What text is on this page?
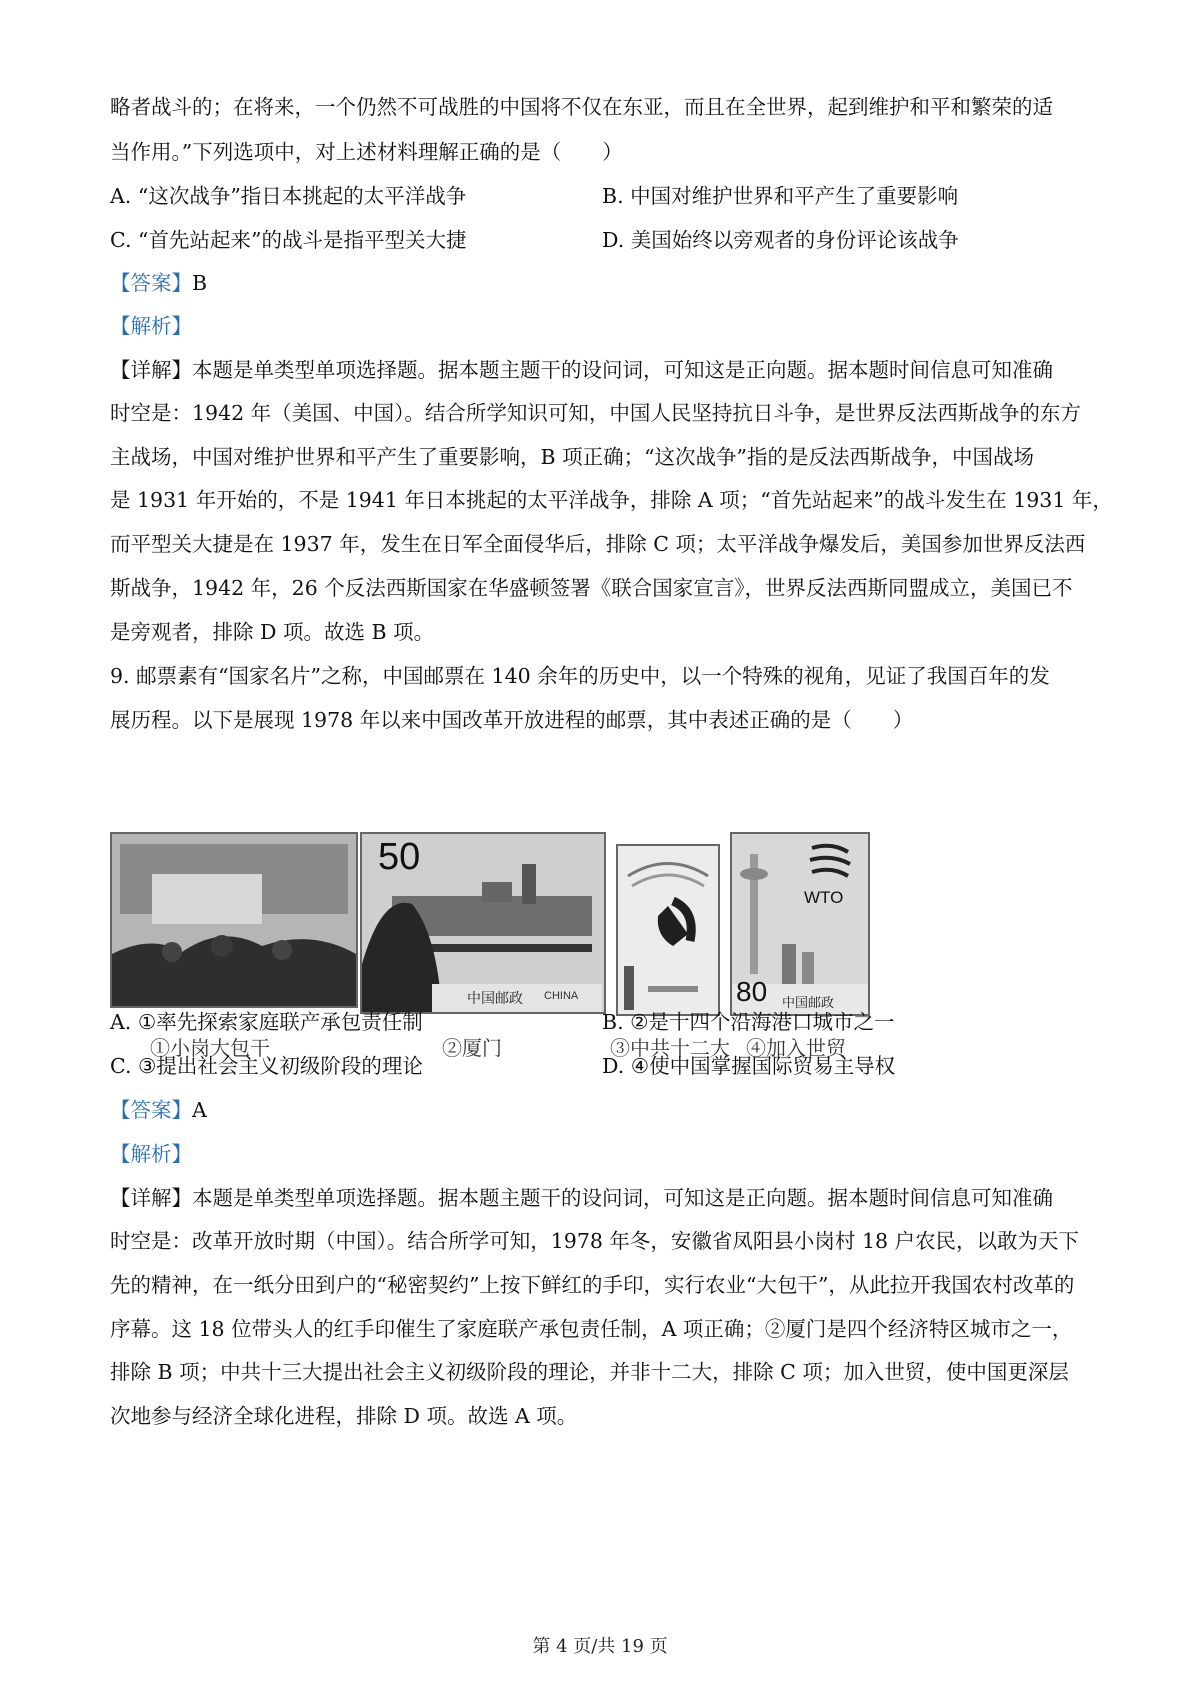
略者战斗的；在将来，一个仍然不可战胜的中国将不仅在东亚，而且在全世界，起到维护和平和繁荣的适
当作用。”下列选项中，对上述材料理解正确的是（　　）
A. “这次战争”指日本挑起的太平洋战争	B. 中国对维护世界和平产生了重要影响
C. “首先站起来”的战斗是指平型关大捷	D. 美国始终以旁观者的身份评论该战争
【答案】B
【解析】
【详解】本题是单类型单项选择题。据本题主题干的设问词，可知这是正向题。据本题时间信息可知准确
时空是：1942 年（美国、中国）。结合所学知识可知，中国人民坚持抗日斗争，是世界反法西斯战争的东方
主战场，中国对维护世界和平产生了重要影响，B 项正确；“这次战争”指的是反法西斯战争，中国战场
是 1931 年开始的，不是 1941 年日本挑起的太平洋战争，排除 A 项；“首先站起来”的战斗发生在 1931 年，
而平型关大捷是在 1937 年，发生在日军全面侵华后，排除 C 项；太平洋战争爆发后，美国参加世界反法西
斯战争，1942 年，26 个反法西斯国家在华盛顿签署《联合国家宣言》，世界反法西斯同盟成立，美国已不
是旁观者，排除 D 项。故选 B 项。
9. 邮票素有“国家名片”之称，中国邮票在 140 余年的历史中，以一个特殊的视角，见证了我国百年的发
展历程。以下是展现 1978 年以来中国改革开放进程的邮票，其中表述正确的是（　　）
50
中国邮政 CHINA
WTO
80 中国邮政
①小岗大包干	②厦门	③中共十二大 ④加入世贸
A. ①率先探索家庭联产承包责任制	B. ②是十四个沿海港口城市之一
C. ③提出社会主义初级阶段的理论	D. ④使中国掌握国际贸易主导权
【答案】A
【解析】
【详解】本题是单类型单项选择题。据本题主题干的设问词，可知这是正向题。据本题时间信息可知准确
时空是：改革开放时期（中国）。结合所学可知，1978 年冬，安徽省凤阳县小岗村 18 户农民，以敢为天下
先的精神，在一纸分田到户的“秘密契约”上按下鲜红的手印，实行农业“大包干”，从此拉开我国农村改革的
序幕。这 18 位带头人的红手印催生了家庭联产承包责任制，A 项正确；②厦门是四个经济特区城市之一，
排除 B 项；中共十三大提出社会主义初级阶段的理论，并非十二大，排除 C 项；加入世贸，使中国更深层
次地参与经济全球化进程，排除 D 项。故选 A 项。
第 4 页/共 19 页
